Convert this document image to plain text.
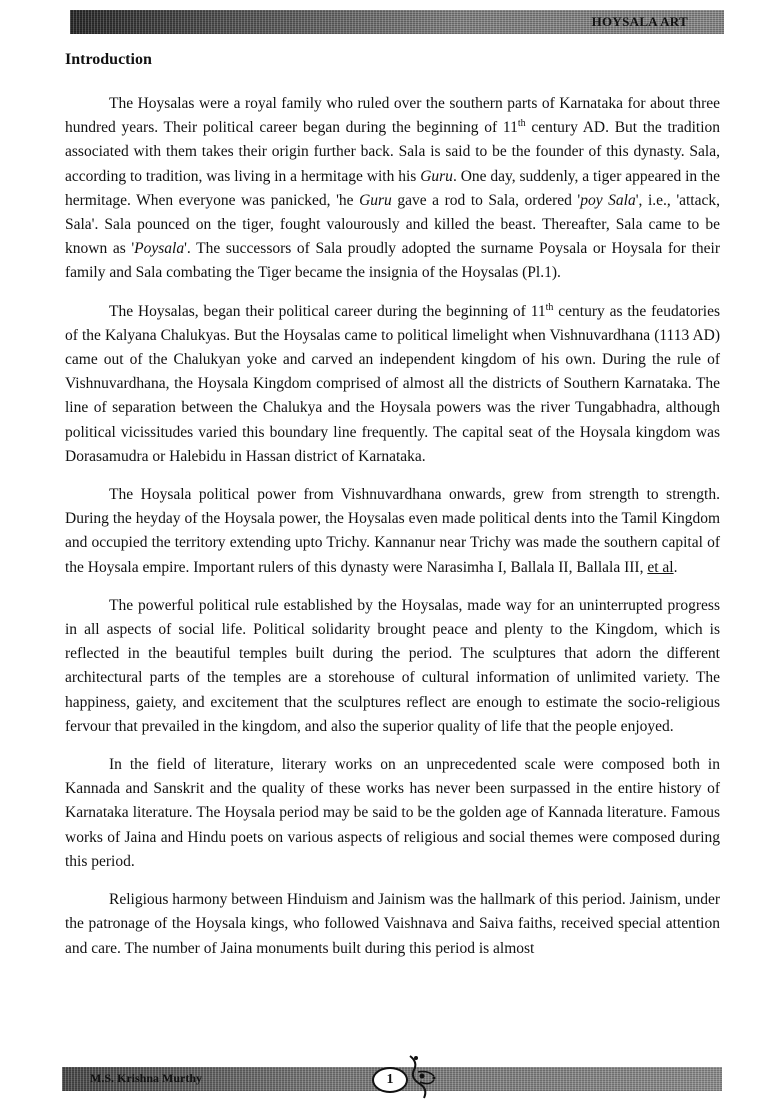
HOYSALA ART
Introduction

The Hoysalas were a royal family who ruled over the southern parts of Karnataka for about three hundred years. Their political career began during the beginning of 11th century AD. But the tradition associated with them takes their origin further back. Sala is said to be the founder of this dynasty. Sala, according to tradition, was living in a hermitage with his Guru. One day, suddenly, a tiger appeared in the hermitage. When everyone was panicked, 'he Guru gave a rod to Sala, ordered 'poy Sala', i.e., 'attack, Sala'. Sala pounced on the tiger, fought valourously and killed the beast. Thereafter, Sala came to be known as 'Poysala'. The successors of Sala proudly adopted the surname Poysala or Hoysala for their family and Sala combating the Tiger became the insignia of the Hoysalas (Pl.1).

The Hoysalas, began their political career during the beginning of 11th century as the feudatories of the Kalyana Chalukyas. But the Hoysalas came to political limelight when Vishnuvardhana (1113 AD) came out of the Chalukyan yoke and carved an independent kingdom of his own. During the rule of Vishnuvardhana, the Hoysala Kingdom comprised of almost all the districts of Southern Karnataka. The line of separation between the Chalukya and the Hoysala powers was the river Tungabhadra, although political vicissitudes varied this boundary line frequently. The capital seat of the Hoysala kingdom was Dorasamudra or Halebidu in Hassan district of Karnataka.

The Hoysala political power from Vishnuvardhana onwards, grew from strength to strength. During the heyday of the Hoysala power, the Hoysalas even made political dents into the Tamil Kingdom and occupied the territory extending upto Trichy. Kannanur near Trichy was made the southern capital of the Hoysala empire. Important rulers of this dynasty were Narasimha I, Ballala II, Ballala III, et al.

The powerful political rule established by the Hoysalas, made way for an uninterrupted progress in all aspects of social life. Political solidarity brought peace and plenty to the Kingdom, which is reflected in the beautiful temples built during the period. The sculptures that adorn the different architectural parts of the temples are a storehouse of cultural information of unlimited variety. The happiness, gaiety, and excitement that the sculptures reflect are enough to estimate the socio-religious fervour that prevailed in the kingdom, and also the superior quality of life that the people enjoyed.

In the field of literature, literary works on an unprecedented scale were composed both in Kannada and Sanskrit and the quality of these works has never been surpassed in the entire history of Karnataka literature. The Hoysala period may be said to be the golden age of Kannada literature. Famous works of Jaina and Hindu poets on various aspects of religious and social themes were composed during this period.

Religious harmony between Hinduism and Jainism was the hallmark of this period. Jainism, under the patronage of the Hoysala kings, who followed Vaishnava and Saiva faiths, received special attention and care. The number of Jaina monuments built during this period is almost

M.S. Krishna Murthy	1
